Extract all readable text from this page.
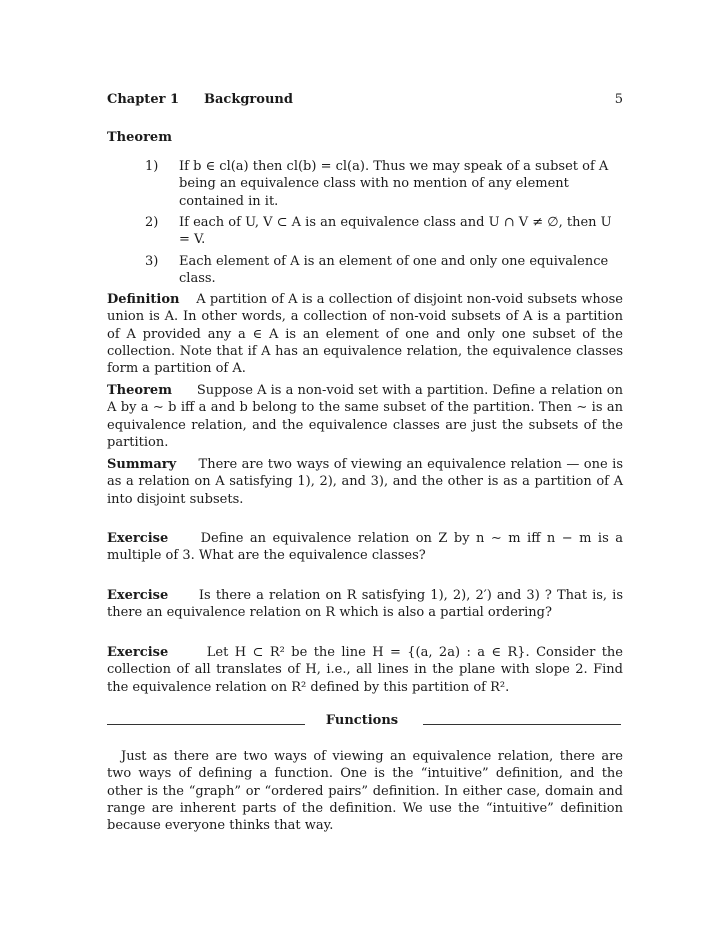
Chapter 1 Background	5
Theorem
1)	If b ∈ cl(a) then cl(b) = cl(a). Thus we may speak of a subset of A being an equivalence class with no mention of any element contained in it.
2)	If each of U, V ⊂ A is an equivalence class and U ∩ V ≠ ∅, then U = V.
3)	Each element of A is an element of one and only one equivalence class.
Definition A partition of A is a collection of disjoint non-void subsets whose union is A. In other words, a collection of non-void subsets of A is a partition of A provided any a ∈ A is an element of one and only one subset of the collection. Note that if A has an equivalence relation, the equivalence classes form a partition of A.
Theorem Suppose A is a non-void set with a partition. Define a relation on A by a ∼ b iff a and b belong to the same subset of the partition. Then ∼ is an equivalence relation, and the equivalence classes are just the subsets of the partition.
Summary There are two ways of viewing an equivalence relation — one is as a relation on A satisfying 1), 2), and 3), and the other is as a partition of A into disjoint subsets.
Exercise Define an equivalence relation on Z by n ∼ m iff n − m is a multiple of 3. What are the equivalence classes?
Exercise Is there a relation on R satisfying 1), 2), 2′) and 3) ? That is, is there an equivalence relation on R which is also a partial ordering?
Exercise	Let H ⊂ R² be the line H = {(a, 2a) : a ∈ R}. Consider the collection of all translates of H, i.e., all lines in the plane with slope 2. Find the equivalence relation on R² defined by this partition of R².
Functions
Just as there are two ways of viewing an equivalence relation, there are two ways of defining a function. One is the “intuitive” definition, and the other is the “graph” or “ordered pairs” definition. In either case, domain and range are inherent parts of the definition. We use the “intuitive” definition because everyone thinks that way.
